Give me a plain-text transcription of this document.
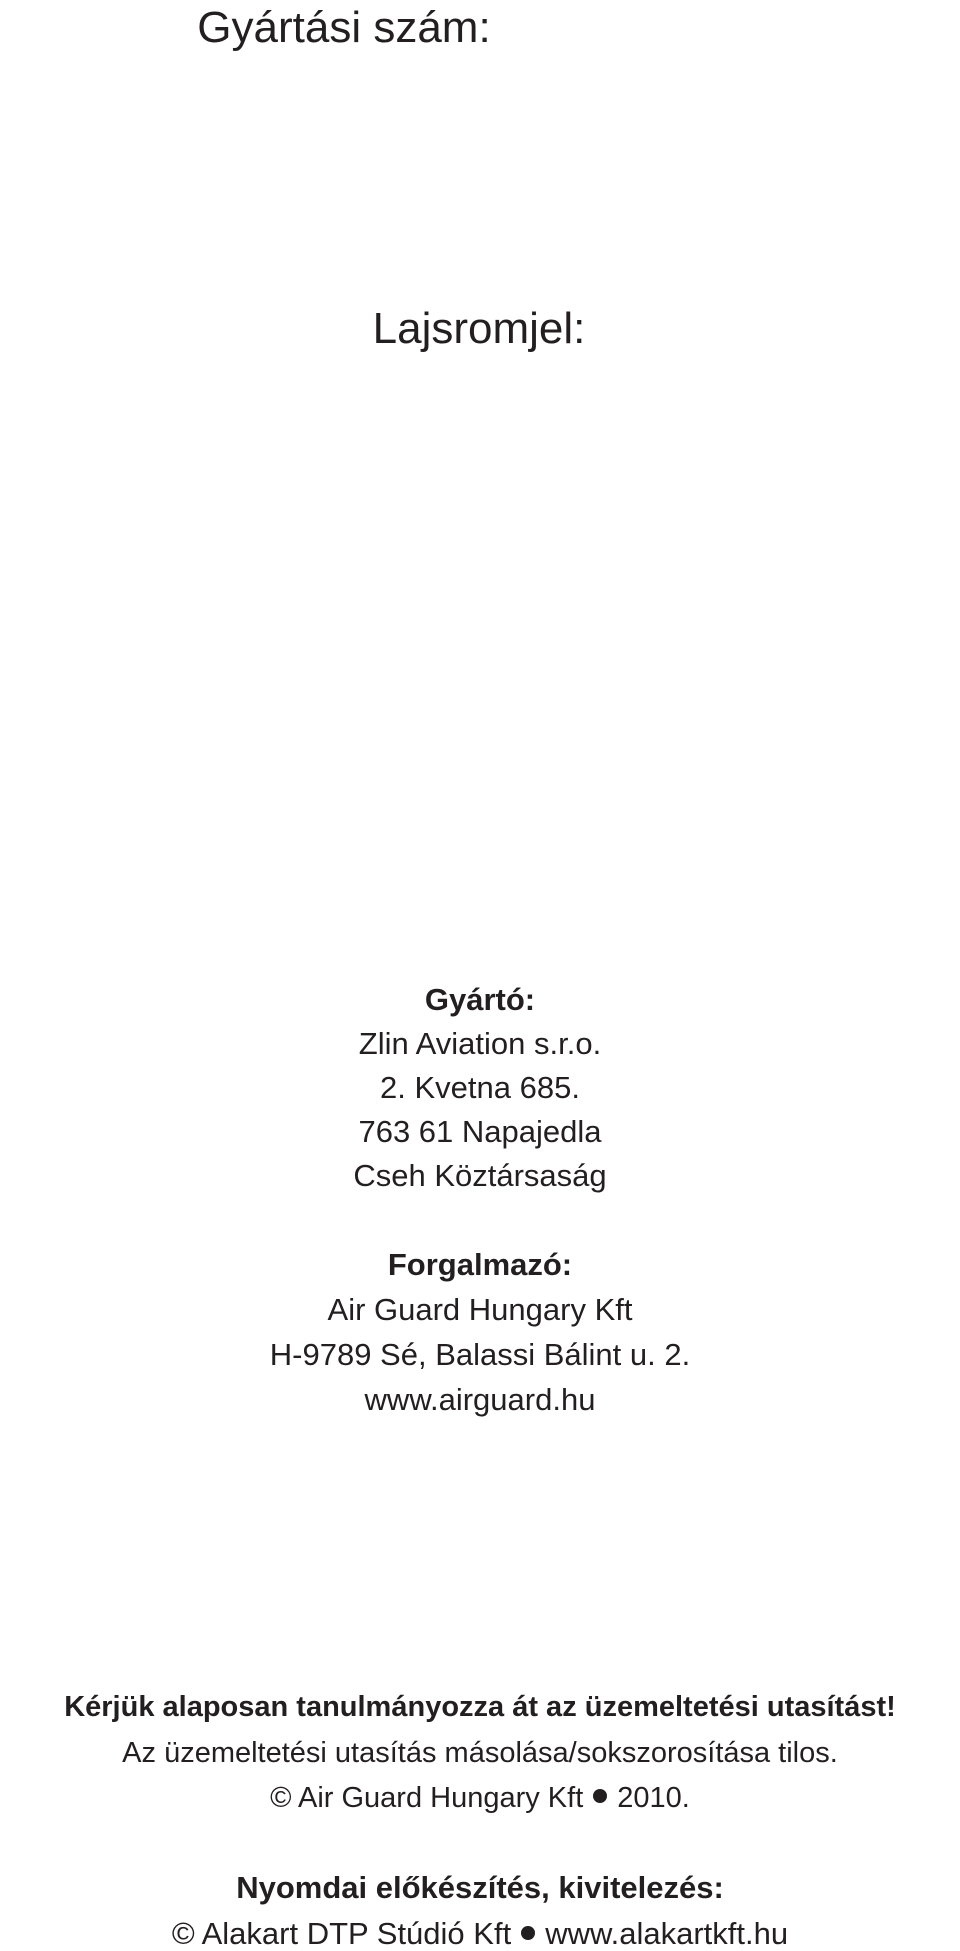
Gyártási szám:
Lajsromjel:
Gyártó:
Zlin Aviation s.r.o.
2. Kvetna 685.
763 61 Napajedla
Cseh Köztársaság
Forgalmazó:
Air Guard Hungary Kft
H-9789 Sé, Balassi Bálint u. 2.
www.airguard.hu
Kérjük alaposan tanulmányozza át az üzemeltetési utasítást!
Az üzemeltetési utasítás másolása/sokszorosítása tilos.
© Air Guard Hungary Kft 2010.
Nyomdai előkészítés, kivitelezés:
© Alakart DTP Stúdió Kft www.alakartkft.hu
